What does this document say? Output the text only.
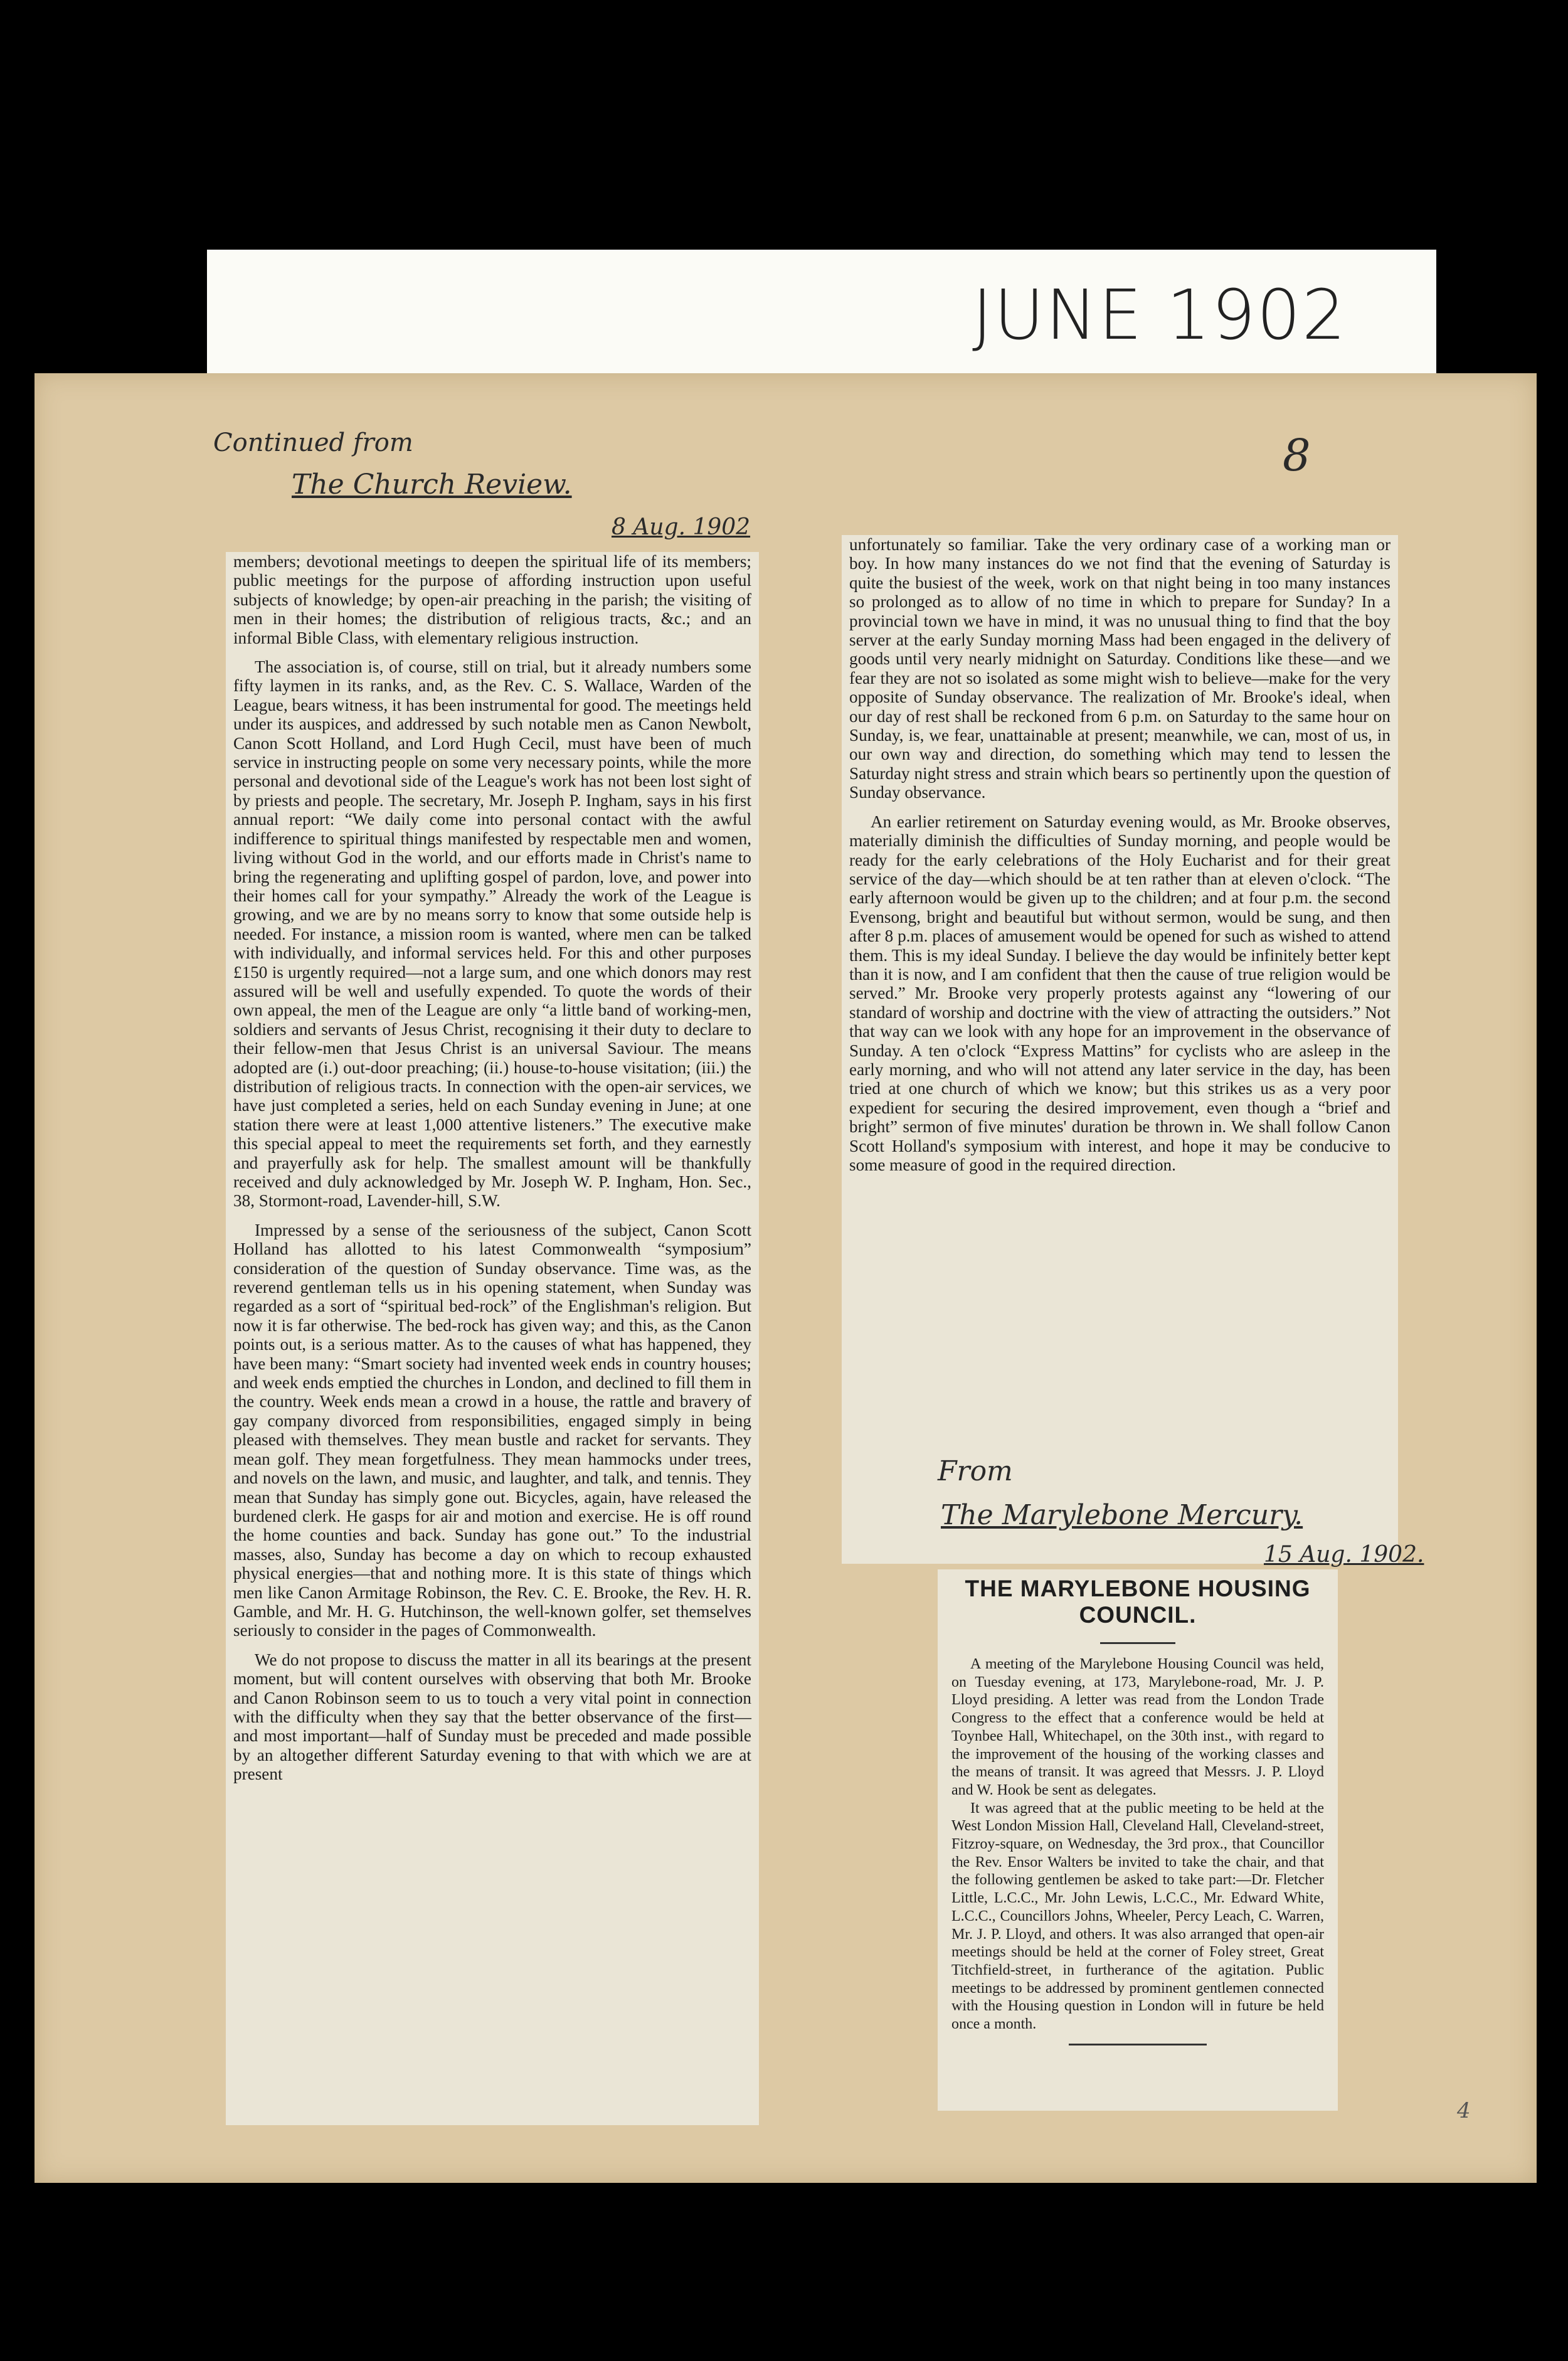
JUNE 1902
8
4
Continued from
The Church Review.
8 Aug. 1902

members; devotional meetings to deepen the spiritual life of its members; public meetings for the purpose of affording instruction upon useful subjects of knowledge; by open-air preaching in the parish; the visiting of men in their homes; the distribution of religious tracts, &c.; and an informal Bible Class, with elementary religious instruction.

The association is, of course, still on trial, but it already numbers some fifty laymen in its ranks, and, as the Rev. C. S. Wallace, Warden of the League, bears witness, it has been instrumental for good. The meetings held under its auspices, and addressed by such notable men as Canon Newbolt, Canon Scott Holland, and Lord Hugh Cecil, must have been of much service in instructing people on some very necessary points, while the more personal and devotional side of the League's work has not been lost sight of by priests and people. The secretary, Mr. Joseph P. Ingham, says in his first annual report: “We daily come into personal contact with the awful indifference to spiritual things manifested by respectable men and women, living without God in the world, and our efforts made in Christ's name to bring the regenerating and uplifting gospel of pardon, love, and power into their homes call for your sympathy.” Already the work of the League is growing, and we are by no means sorry to know that some outside help is needed. For instance, a mission room is wanted, where men can be talked with individually, and informal services held. For this and other purposes £150 is urgently required—not a large sum, and one which donors may rest assured will be well and usefully expended. To quote the words of their own appeal, the men of the League are only “a little band of working-men, soldiers and servants of Jesus Christ, recognising it their duty to declare to their fellow-men that Jesus Christ is an universal Saviour. The means adopted are (i.) out-door preaching; (ii.) house-to-house visitation; (iii.) the distribution of religious tracts. In connection with the open-air services, we have just completed a series, held on each Sunday evening in June; at one station there were at least 1,000 attentive listeners.” The executive make this special appeal to meet the requirements set forth, and they earnestly and prayerfully ask for help. The smallest amount will be thankfully received and duly acknowledged by Mr. Joseph W. P. Ingham, Hon. Sec., 38, Stormont-road, Lavender-hill, S.W.

Impressed by a sense of the seriousness of the subject, Canon Scott Holland has allotted to his latest Commonwealth “symposium” consideration of the question of Sunday observance. Time was, as the reverend gentleman tells us in his opening statement, when Sunday was regarded as a sort of “spiritual bed-rock” of the Englishman's religion. But now it is far otherwise. The bed-rock has given way; and this, as the Canon points out, is a serious matter. As to the causes of what has happened, they have been many: “Smart society had invented week ends in country houses; and week ends emptied the churches in London, and declined to fill them in the country. Week ends mean a crowd in a house, the rattle and bravery of gay company divorced from responsibilities, engaged simply in being pleased with themselves. They mean bustle and racket for servants. They mean golf. They mean forgetfulness. They mean hammocks under trees, and novels on the lawn, and music, and laughter, and talk, and tennis. They mean that Sunday has simply gone out. Bicycles, again, have released the burdened clerk. He gasps for air and motion and exercise. He is off round the home counties and back. Sunday has gone out.” To the industrial masses, also, Sunday has become a day on which to recoup exhausted physical energies—that and nothing more. It is this state of things which men like Canon Armitage Robinson, the Rev. C. E. Brooke, the Rev. H. R. Gamble, and Mr. H. G. Hutchinson, the well-known golfer, set themselves seriously to consider in the pages of Commonwealth.

We do not propose to discuss the matter in all its bearings at the present moment, but will content ourselves with observing that both Mr. Brooke and Canon Robinson seem to us to touch a very vital point in connection with the difficulty when they say that the better observance of the first—and most important—half of Sunday must be preceded and made possible by an altogether different Saturday evening to that with which we are at present

unfortunately so familiar. Take the very ordinary case of a working man or boy. In how many instances do we not find that the evening of Saturday is quite the busiest of the week, work on that night being in too many instances so prolonged as to allow of no time in which to prepare for Sunday? In a provincial town we have in mind, it was no unusual thing to find that the boy server at the early Sunday morning Mass had been engaged in the delivery of goods until very nearly midnight on Saturday. Conditions like these—and we fear they are not so isolated as some might wish to believe—make for the very opposite of Sunday observance. The realization of Mr. Brooke's ideal, when our day of rest shall be reckoned from 6 p.m. on Saturday to the same hour on Sunday, is, we fear, unattainable at present; meanwhile, we can, most of us, in our own way and direction, do something which may tend to lessen the Saturday night stress and strain which bears so pertinently upon the question of Sunday observance.

An earlier retirement on Saturday evening would, as Mr. Brooke observes, materially diminish the difficulties of Sunday morning, and people would be ready for the early celebrations of the Holy Eucharist and for their great service of the day—which should be at ten rather than at eleven o'clock. “The early afternoon would be given up to the children; and at four p.m. the second Evensong, bright and beautiful but without sermon, would be sung, and then after 8 p.m. places of amusement would be opened for such as wished to attend them. This is my ideal Sunday. I believe the day would be infinitely better kept than it is now, and I am confident that then the cause of true religion would be served.” Mr. Brooke very properly protests against any “lowering of our standard of worship and doctrine with the view of attracting the outsiders.” Not that way can we look with any hope for an improvement in the observance of Sunday. A ten o'clock “Express Mattins” for cyclists who are asleep in the early morning, and who will not attend any later service in the day, has been tried at one church of which we know; but this strikes us as a very poor expedient for securing the desired improvement, even though a “brief and bright” sermon of five minutes' duration be thrown in. We shall follow Canon Scott Holland's symposium with interest, and hope it may be conducive to some measure of good in the required direction.

From
The Marylebone Mercury.
15 Aug. 1902.
THE MARYLEBONE HOUSING COUNCIL.

A meeting of the Marylebone Housing Council was held, on Tuesday evening, at 173, Marylebone-road, Mr. J. P. Lloyd presiding. A letter was read from the London Trade Congress to the effect that a conference would be held at Toynbee Hall, Whitechapel, on the 30th inst., with regard to the improvement of the housing of the working classes and the means of transit. It was agreed that Messrs. J. P. Lloyd and W. Hook be sent as delegates.

It was agreed that at the public meeting to be held at the West London Mission Hall, Cleveland Hall, Cleveland-street, Fitzroy-square, on Wednesday, the 3rd prox., that Councillor the Rev. Ensor Walters be invited to take the chair, and that the following gentlemen be asked to take part:—Dr. Fletcher Little, L.C.C., Mr. John Lewis, L.C.C., Mr. Edward White, L.C.C., Councillors Johns, Wheeler, Percy Leach, C. Warren, Mr. J. P. Lloyd, and others. It was also arranged that open-air meetings should be held at the corner of Foley street, Great Titchfield-street, in furtherance of the agitation. Public meetings to be addressed by prominent gentlemen connected with the Housing question in London will in future be held once a month.
